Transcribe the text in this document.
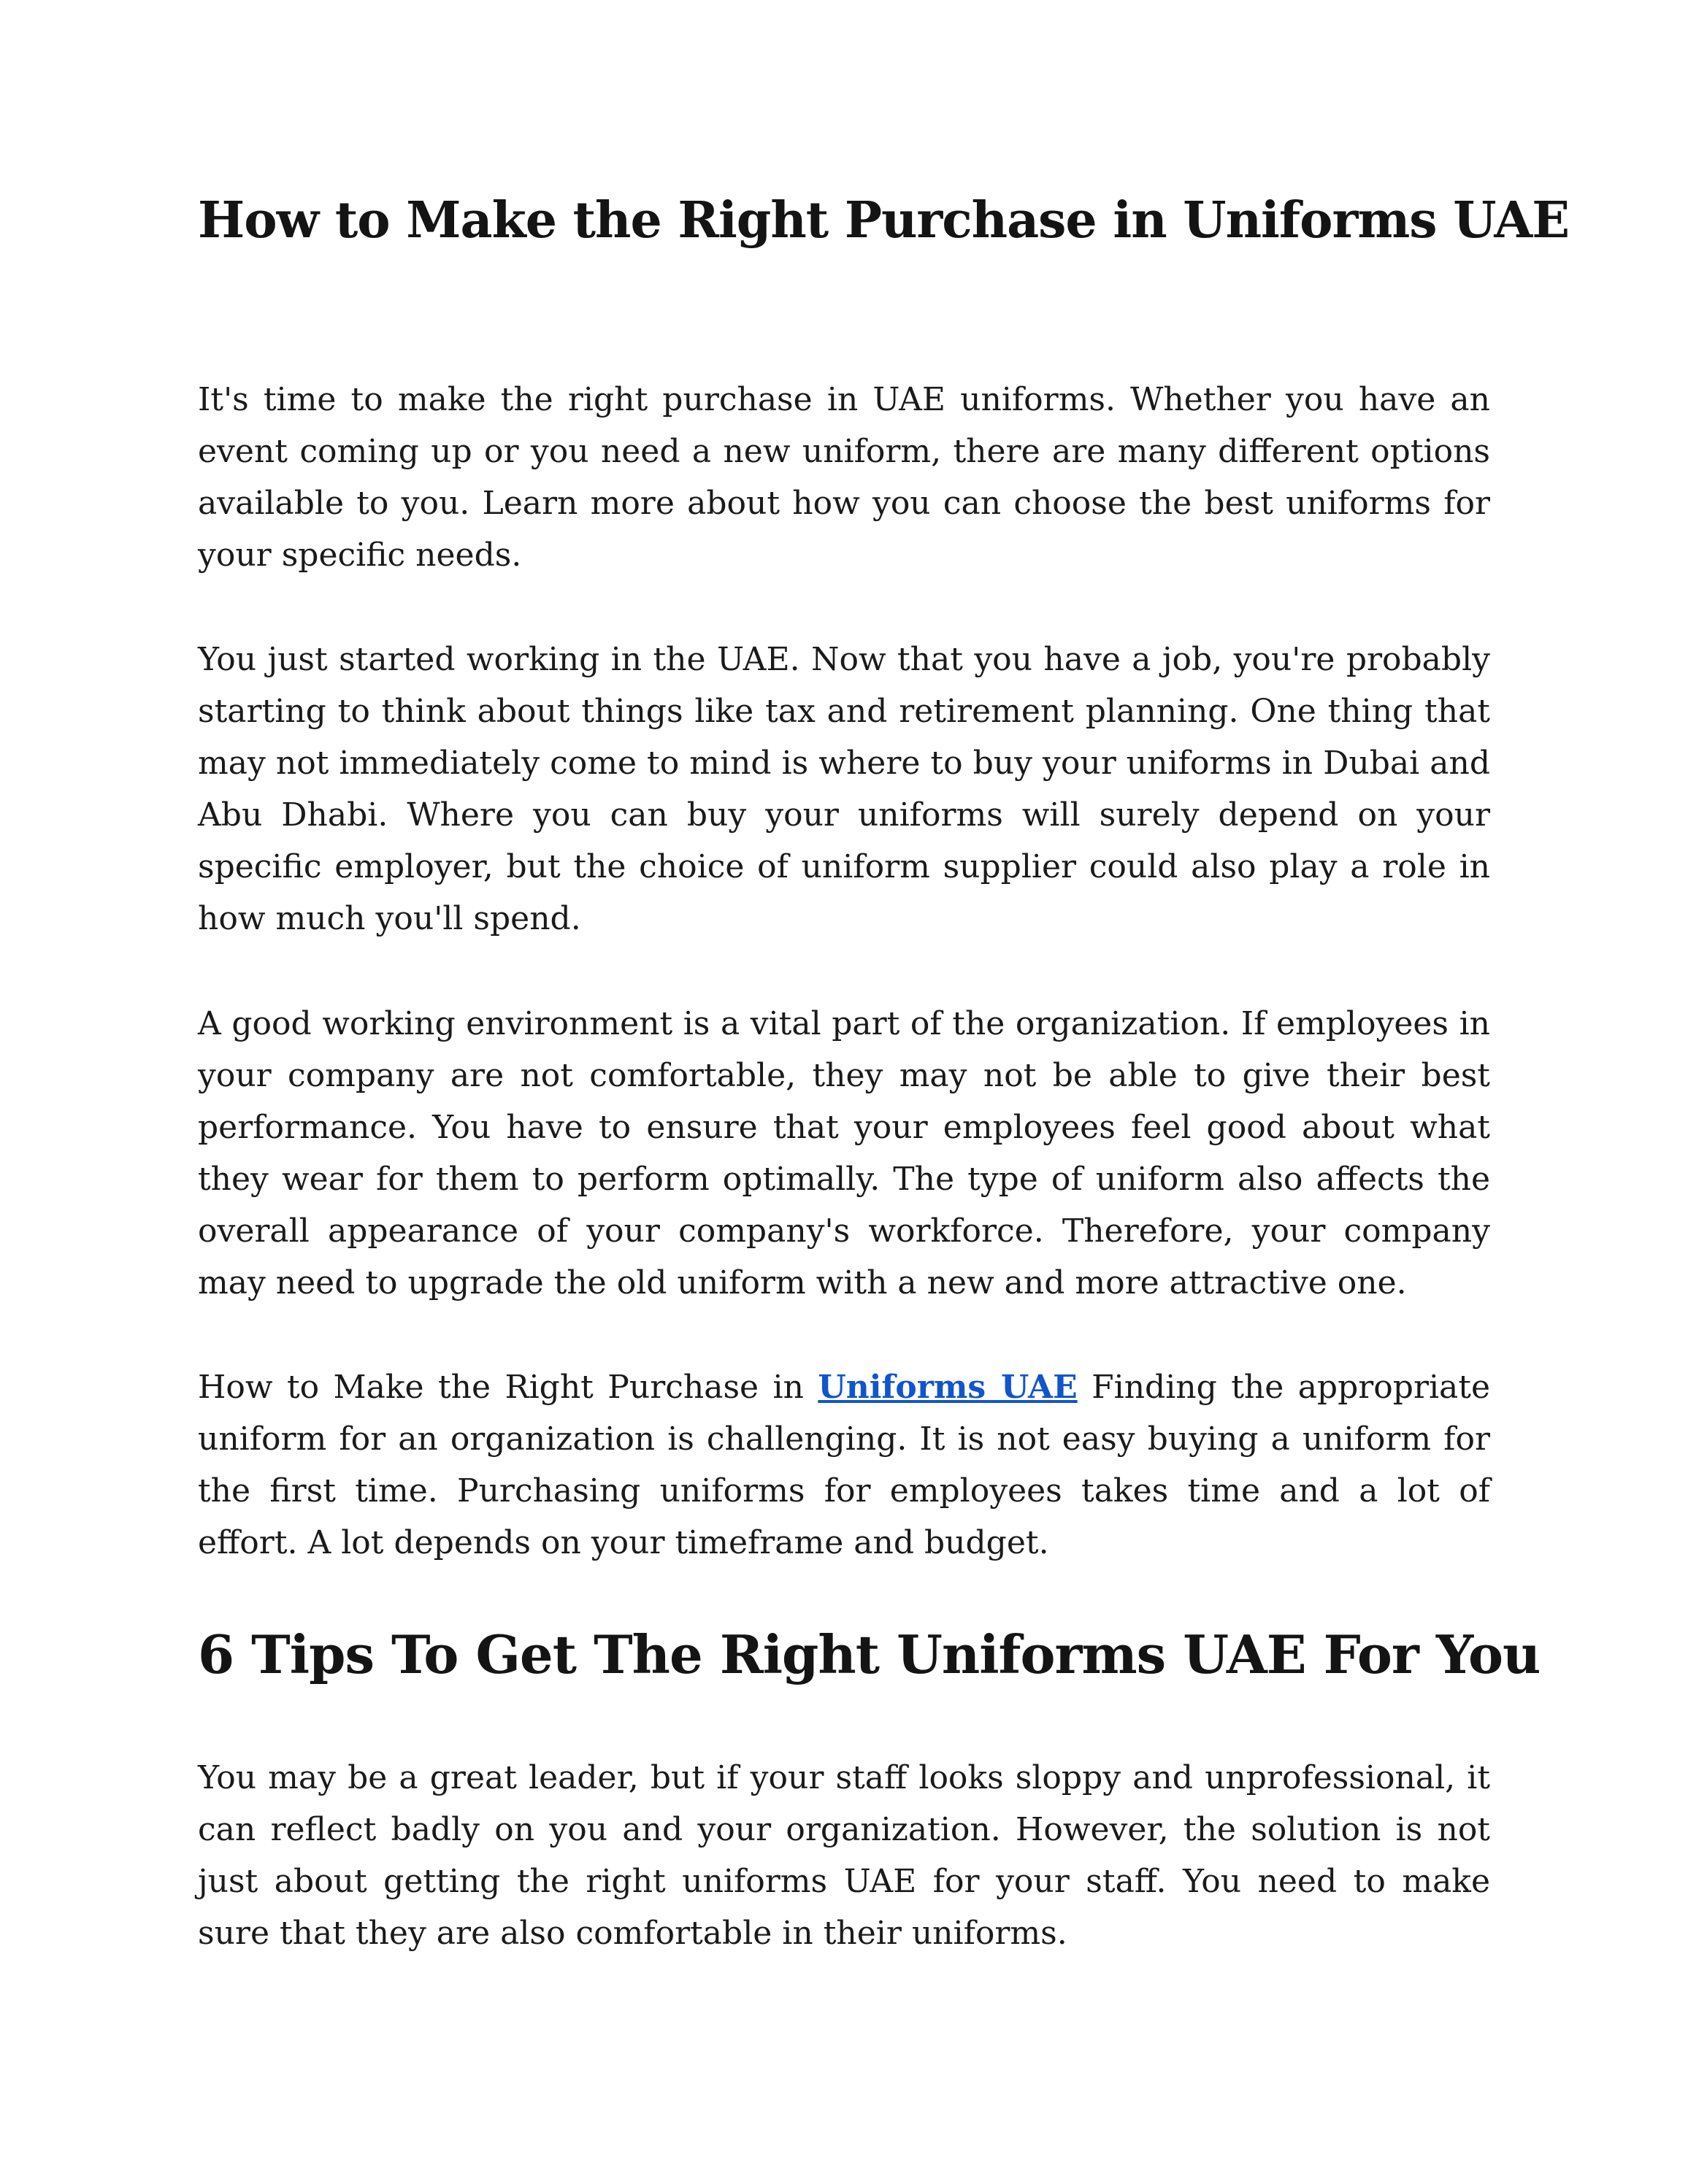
How to Make the Right Purchase in Uniforms UAE

It's time to make the right purchase in UAE uniforms. Whether you have an event coming up or you need a new uniform, there are many different options available to you. Learn more about how you can choose the best uniforms for your specific needs.

You just started working in the UAE. Now that you have a job, you're probably starting to think about things like tax and retirement planning. One thing that may not immediately come to mind is where to buy your uniforms in Dubai and Abu Dhabi. Where you can buy your uniforms will surely depend on your specific employer, but the choice of uniform supplier could also play a role in how much you'll spend.

A good working environment is a vital part of the organization. If employees in your company are not comfortable, they may not be able to give their best performance. You have to ensure that your employees feel good about what they wear for them to perform optimally. The type of uniform also affects the overall appearance of your company's workforce. Therefore, your company may need to upgrade the old uniform with a new and more attractive one.

How to Make the Right Purchase in Uniforms UAE Finding the appropriate uniform for an organization is challenging. It is not easy buying a uniform for the first time. Purchasing uniforms for employees takes time and a lot of effort. A lot depends on your timeframe and budget.

6 Tips To Get The Right Uniforms UAE For You

You may be a great leader, but if your staff looks sloppy and unprofessional, it can reflect badly on you and your organization. However, the solution is not just about getting the right uniforms UAE for your staff. You need to make sure that they are also comfortable in their uniforms.
